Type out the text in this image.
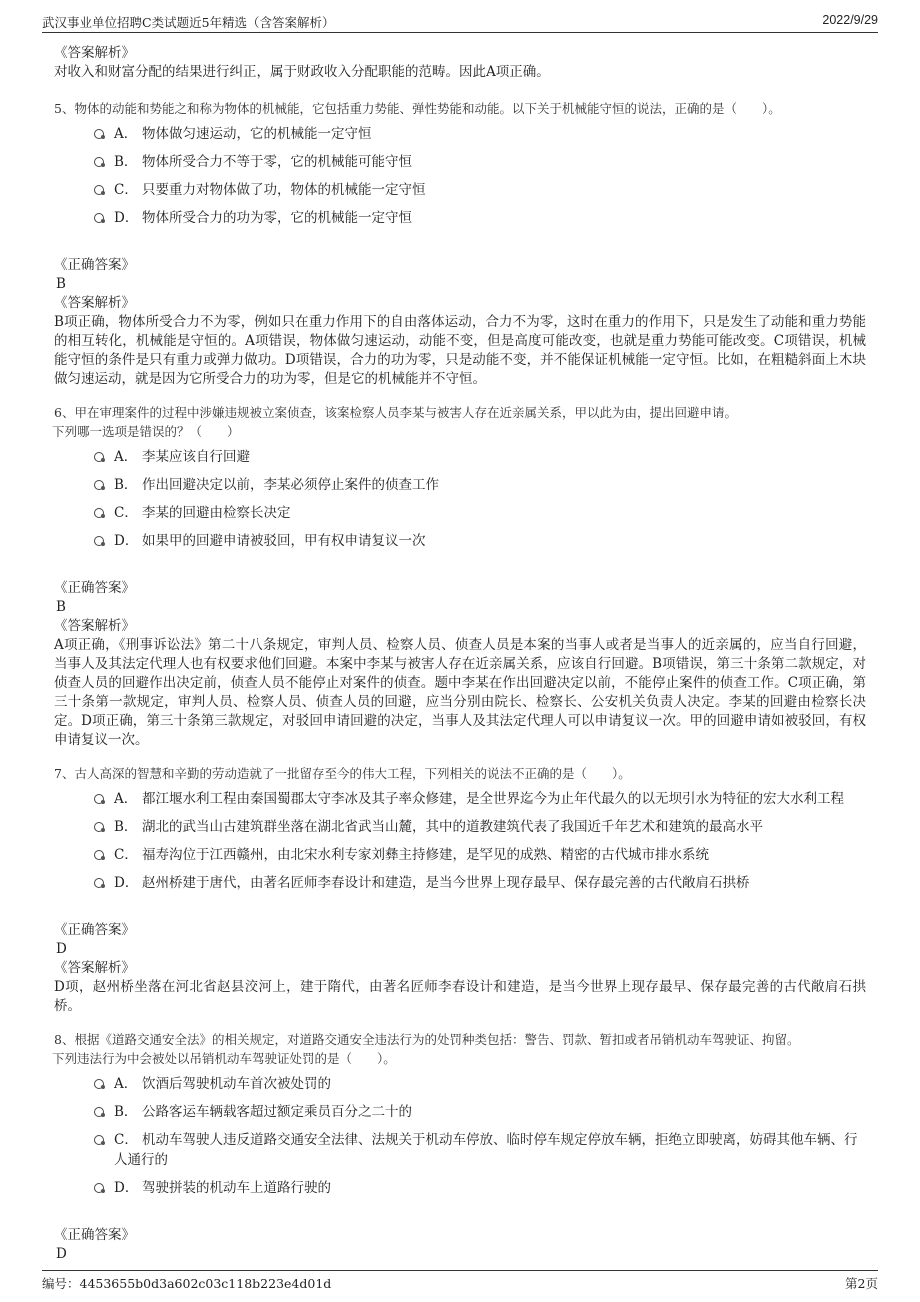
武汉事业单位招聘C类试题近5年精选（含答案解析）	2022/9/29

《答案解析》

对收入和财富分配的结果进行纠正，属于财政收入分配职能的范畴。因此A项正确。

5、物体的动能和势能之和称为物体的机械能，它包括重力势能、弹性势能和动能。以下关于机械能守恒的说法，正确的是（　　）。

A． 物体做匀速运动，它的机械能一定守恒
B． 物体所受合力不等于零，它的机械能可能守恒
C． 只要重力对物体做了功，物体的机械能一定守恒
D． 物体所受合力的功为零，它的机械能一定守恒

《正确答案》

B

《答案解析》

B项正确，物体所受合力不为零，例如只在重力作用下的自由落体运动，合力不为零，这时在重力的作用下，只是发生了动能和重力势能的相互转化，机械能是守恒的。A项错误，物体做匀速运动，动能不变，但是高度可能改变，也就是重力势能可能改变。C项错误，机械能守恒的条件是只有重力或弹力做功。D项错误，合力的功为零，只是动能不变，并不能保证机械能一定守恒。比如，在粗糙斜面上木块做匀速运动，就是因为它所受合力的功为零，但是它的机械能并不守恒。

6、甲在审理案件的过程中涉嫌违规被立案侦查，该案检察人员李某与被害人存在近亲属关系，甲以此为由，提出回避申请。

下列哪一选项是错误的？（　　）

A． 李某应该自行回避
B． 作出回避决定以前，李某必须停止案件的侦查工作
C． 李某的回避由检察长决定
D． 如果甲的回避申请被驳回，甲有权申请复议一次

《正确答案》

B

《答案解析》

A项正确，《刑事诉讼法》第二十八条规定，审判人员、检察人员、侦查人员是本案的当事人或者是当事人的近亲属的，应当自行回避，当事人及其法定代理人也有权要求他们回避。本案中李某与被害人存在近亲属关系，应该自行回避。B项错误，第三十条第二款规定，对侦查人员的回避作出决定前，侦查人员不能停止对案件的侦查。题中李某在作出回避决定以前，不能停止案件的侦查工作。C项正确，第三十条第一款规定，审判人员、检察人员、侦查人员的回避，应当分别由院长、检察长、公安机关负责人决定。李某的回避由检察长决定。D项正确，第三十条第三款规定，对驳回申请回避的决定，当事人及其法定代理人可以申请复议一次。甲的回避申请如被驳回，有权申请复议一次。

7、古人高深的智慧和辛勤的劳动造就了一批留存至今的伟大工程，下列相关的说法不正确的是（　　）。

A． 都江堰水利工程由秦国蜀郡太守李冰及其子率众修建，是全世界迄今为止年代最久的以无坝引水为特征的宏大水利工程
B． 湖北的武当山古建筑群坐落在湖北省武当山麓，其中的道教建筑代表了我国近千年艺术和建筑的最高水平
C． 福寿沟位于江西赣州，由北宋水利专家刘彝主持修建，是罕见的成熟、精密的古代城市排水系统
D． 赵州桥建于唐代，由著名匠师李春设计和建造，是当今世界上现存最早、保存最完善的古代敞肩石拱桥

《正确答案》

D

《答案解析》

D项，赵州桥坐落在河北省赵县洨河上，建于隋代，由著名匠师李春设计和建造，是当今世界上现存最早、保存最完善的古代敞肩石拱桥。

8、根据《道路交通安全法》的相关规定，对道路交通安全违法行为的处罚种类包括：警告、罚款、暂扣或者吊销机动车驾驶证、拘留。

下列违法行为中会被处以吊销机动车驾驶证处罚的是（　　）。

A． 饮酒后驾驶机动车首次被处罚的
B． 公路客运车辆载客超过额定乘员百分之二十的
C． 机动车驾驶人违反道路交通安全法律、法规关于机动车停放、临时停车规定停放车辆，拒绝立即驶离，妨碍其他车辆、行人通行的
D． 驾驶拼装的机动车上道路行驶的

《正确答案》

D

编号：4453655b0d3a602c03c118b223e4d01d	第2页
